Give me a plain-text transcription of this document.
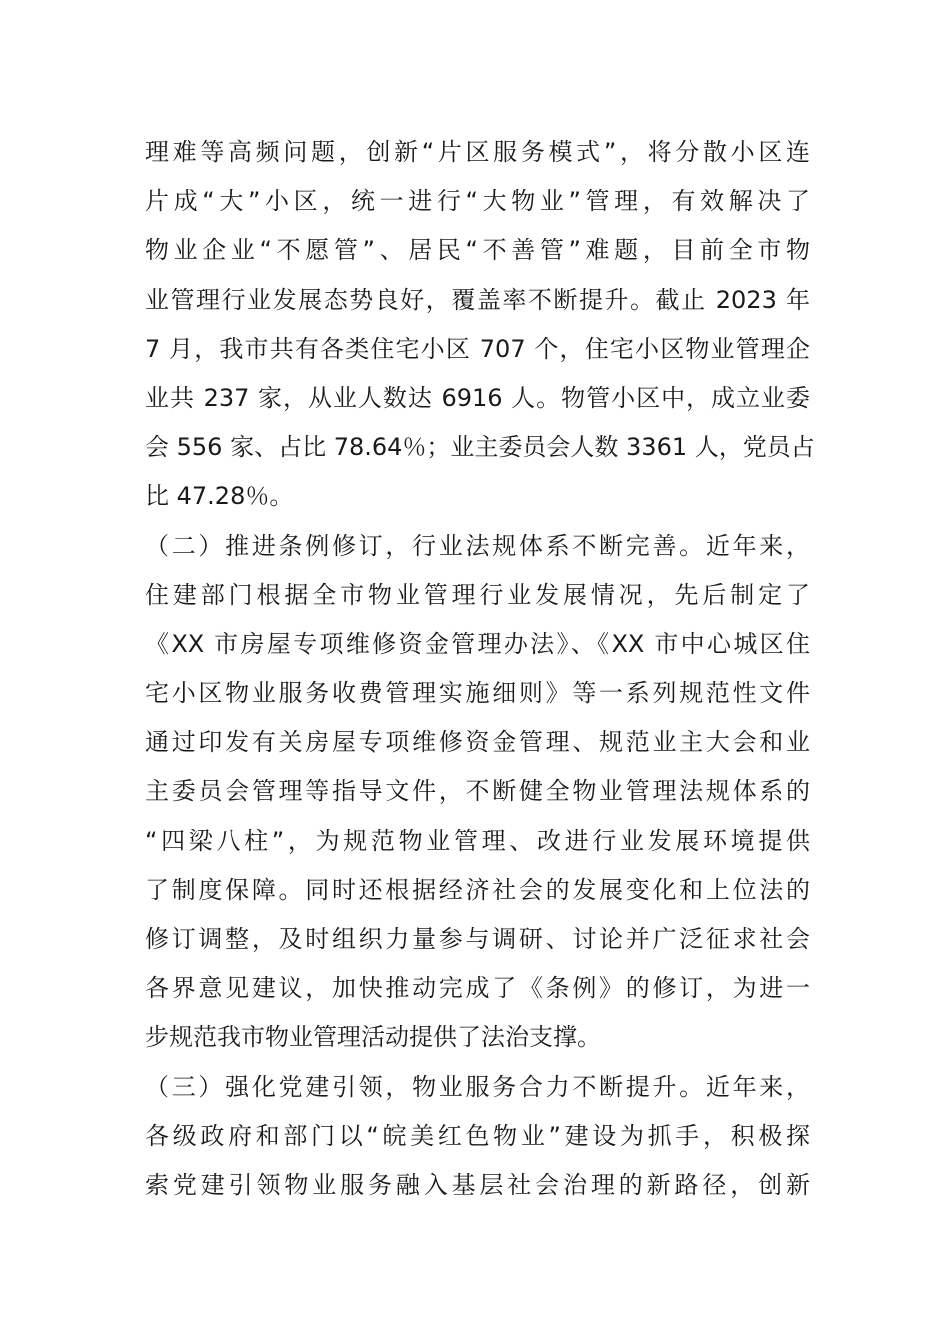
理难等高频问题，创新“片区服务模式”，将分散小区连
片成“大”小区，统一进行“大物业”管理，有效解决了
物业企业“不愿管”、居民“不善管”难题，目前全市物
业管理行业发展态势良好，覆盖率不断提升。截止 2023 年
7 月，我市共有各类住宅小区 707 个，住宅小区物业管理企
业共 237 家，从业人数达 6916 人。物管小区中，成立业委
会 556 家、占比 78.64％；业主委员会人数 3361 人，党员占
比 47.28％。
（二）推进条例修订，行业法规体系不断完善。近年来，
住建部门根据全市物业管理行业发展情况，先后制定了
《XX 市房屋专项维修资金管理办法》、《XX 市中心城区住
宅小区物业服务收费管理实施细则》等一系列规范性文件
通过印发有关房屋专项维修资金管理、规范业主大会和业
主委员会管理等指导文件，不断健全物业管理法规体系的
“四梁八柱”，为规范物业管理、改进行业发展环境提供
了制度保障。同时还根据经济社会的发展变化和上位法的
修订调整，及时组织力量参与调研、讨论并广泛征求社会
各界意见建议，加快推动完成了《条例》的修订，为进一
步规范我市物业管理活动提供了法治支撑。
（三）强化党建引领，物业服务合力不断提升。近年来，
各级政府和部门以“皖美红色物业”建设为抓手，积极探
索党建引领物业服务融入基层社会治理的新路径，创新
